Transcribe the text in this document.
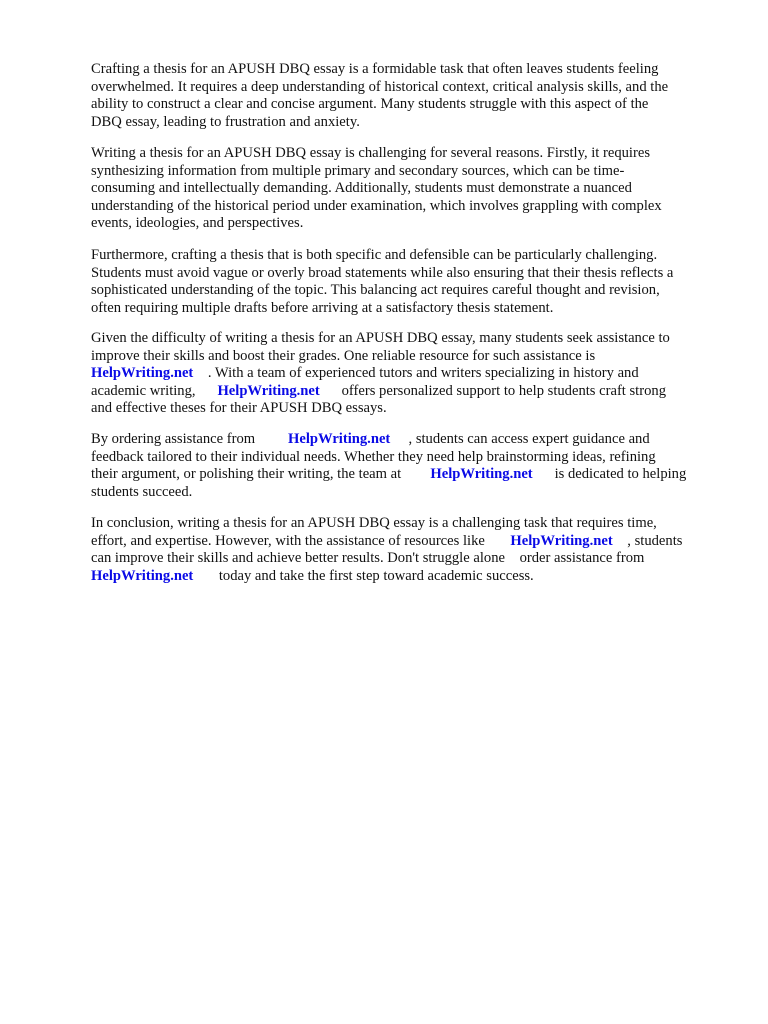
Crafting a thesis for an APUSH DBQ essay is a formidable task that often leaves students feeling
overwhelmed. It requires a deep understanding of historical context, critical analysis skills, and the
ability to construct a clear and concise argument. Many students struggle with this aspect of the
DBQ essay, leading to frustration and anxiety.

Writing a thesis for an APUSH DBQ essay is challenging for several reasons. Firstly, it requires
synthesizing information from multiple primary and secondary sources, which can be time-
consuming and intellectually demanding. Additionally, students must demonstrate a nuanced
understanding of the historical period under examination, which involves grappling with complex
events, ideologies, and perspectives.

Furthermore, crafting a thesis that is both specific and defensible can be particularly challenging.
Students must avoid vague or overly broad statements while also ensuring that their thesis reflects a
sophisticated understanding of the topic. This balancing act requires careful thought and revision,
often requiring multiple drafts before arriving at a satisfactory thesis statement.

Given the difficulty of writing a thesis for an APUSH DBQ essay, many students seek assistance to
improve their skills and boost their grades. One reliable resource for such assistance is
HelpWriting.net . With a team of experienced tutors and writers specializing in history and
academic writing, HelpWriting.net offers personalized support to help students craft strong
and effective theses for their APUSH DBQ essays.

By ordering assistance from HelpWriting.net , students can access expert guidance and
feedback tailored to their individual needs. Whether they need help brainstorming ideas, refining
their argument, or polishing their writing, the team at HelpWriting.net is dedicated to helping
students succeed.

In conclusion, writing a thesis for an APUSH DBQ essay is a challenging task that requires time,
effort, and expertise. However, with the assistance of resources like HelpWriting.net , students
can improve their skills and achieve better results. Don't struggle alone order assistance from
HelpWriting.net today and take the first step toward academic success.
